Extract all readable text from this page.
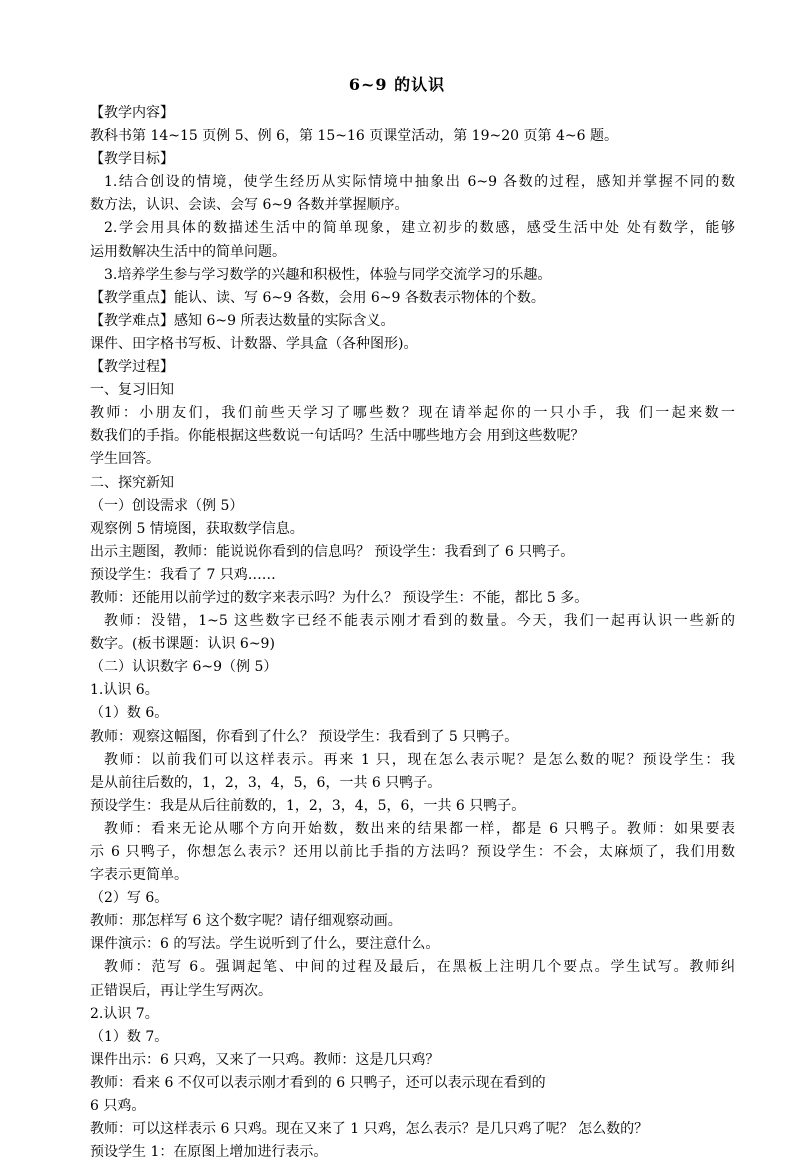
6~9 的认识
【教学内容】
教科书第 14~15 页例 5、例 6，第 15~16 页课堂活动，第 19~20 页第 4~6 题。
【教学目标】
1.结合创设的情境，使学生经历从实际情境中抽象出 6~9 各数的过程，感知并掌握不同的数
数方法，认识、会读、会写 6~9 各数并掌握顺序。
2.学会用具体的数描述生活中的简单现象，建立初步的数感，感受生活中处 处有数学，能够
运用数解决生活中的简单问题。
3.培养学生参与学习数学的兴趣和积极性，体验与同学交流学习的乐趣。
【教学重点】能认、读、写 6~9 各数，会用 6~9 各数表示物体的个数。
【教学难点】感知 6~9 所表达数量的实际含义。
课件、田字格书写板、计数器、学具盒（各种图形)。
【教学过程】
一、复习旧知
教师：小朋友们，我们前些天学习了哪些数？现在请举起你的一只小手，我 们一起来数一
数我们的手指。你能根据这些数说一句话吗？生活中哪些地方会 用到这些数呢？
学生回答。
二、探究新知
（一）创设需求（例 5）
观察例 5 情境图，获取数学信息。
出示主题图，教师：能说说你看到的信息吗？ 预设学生：我看到了 6 只鸭子。
预设学生：我看了 7 只鸡……
教师：还能用以前学过的数字来表示吗？为什么？ 预设学生：不能，都比 5 多。
教师：没错，1~5 这些数字已经不能表示刚才看到的数量。今天，我们一起再认识一些新的
数字。(板书课题：认识 6~9)
（二）认识数字 6~9（例 5）
1.认识 6。
（1）数 6。
教师：观察这幅图，你看到了什么？ 预设学生：我看到了 5 只鸭子。
教师：以前我们可以这样表示。再来 1 只，现在怎么表示呢？是怎么数的呢？预设学生：我
是从前往后数的，1，2，3，4，5，6，一共 6 只鸭子。
预设学生：我是从后往前数的，1，2，3，4，5，6，一共 6 只鸭子。
教师：看来无论从哪个方向开始数，数出来的结果都一样，都是 6 只鸭子。教师：如果要表
示 6 只鸭子，你想怎么表示？还用以前比手指的方法吗？预设学生：不会，太麻烦了，我们用数
字表示更简单。
（2）写 6。
教师：那怎样写 6 这个数字呢？请仔细观察动画。
课件演示：6 的写法。学生说听到了什么，要注意什么。
教师：范写 6。强调起笔、中间的过程及最后，在黑板上注明几个要点。学生试写。教师纠
正错误后，再让学生写两次。
2.认识 7。
（1）数 7。
课件出示：6 只鸡，又来了一只鸡。教师：这是几只鸡？
教师：看来 6 不仅可以表示刚才看到的 6 只鸭子，还可以表示现在看到的
6 只鸡。
教师：可以这样表示 6 只鸡。现在又来了 1 只鸡，怎么表示？是几只鸡了呢？ 怎么数的？
预设学生 1：在原图上增加进行表示。
